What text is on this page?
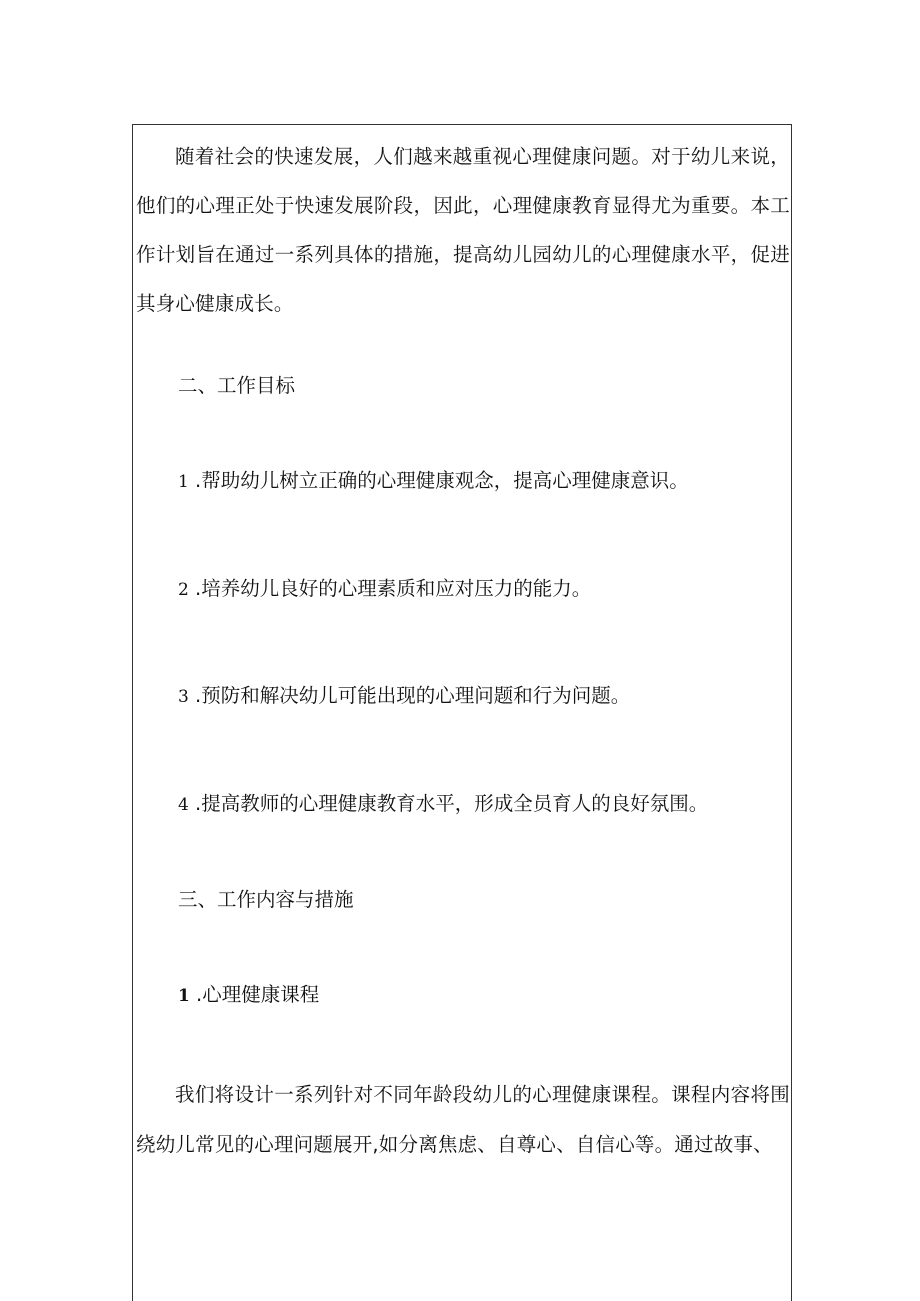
随着社会的快速发展，人们越来越重视心理健康问题。对于幼儿来说，他们的心理正处于快速发展阶段，因此，心理健康教育显得尤为重要。本工作计划旨在通过一系列具体的措施，提高幼儿园幼儿的心理健康水平，促进其身心健康成长。

二、工作目标

1 .帮助幼儿树立正确的心理健康观念，提高心理健康意识。

2 .培养幼儿良好的心理素质和应对压力的能力。

3 .预防和解决幼儿可能出现的心理问题和行为问题。

4 .提高教师的心理健康教育水平，形成全员育人的良好氛围。

三、工作内容与措施

1 .心理健康课程

我们将设计一系列针对不同年龄段幼儿的心理健康课程。课程内容将围绕幼儿常见的心理问题展开,如分离焦虑、自尊心、自信心等。通过故事、
